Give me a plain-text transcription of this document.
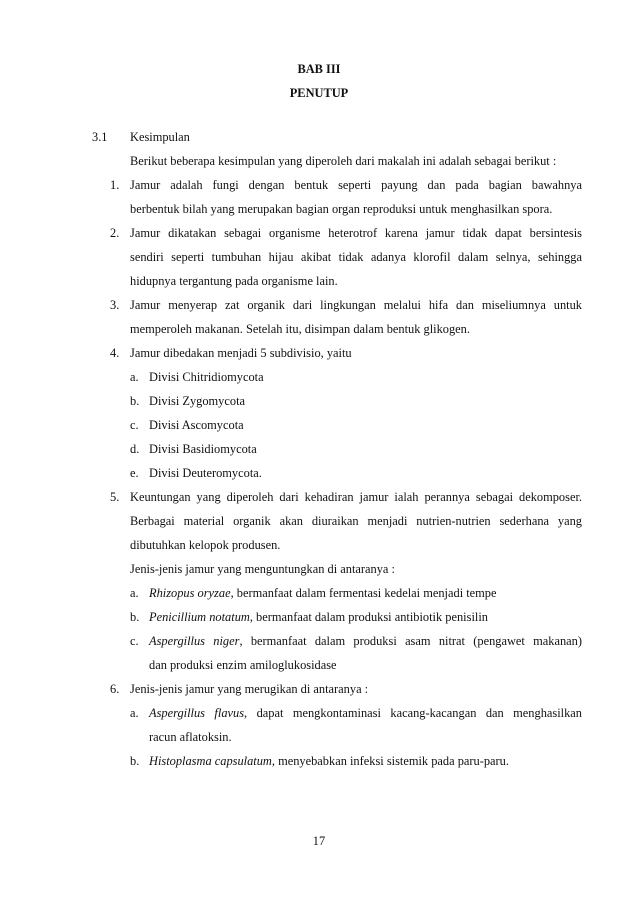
BAB III
PENUTUP
3.1 Kesimpulan
Berikut beberapa kesimpulan yang diperoleh dari makalah ini adalah sebagai berikut :
1. Jamur adalah fungi dengan bentuk seperti payung dan pada bagian bawahnya
berbentuk bilah yang merupakan bagian organ reproduksi untuk menghasilkan spora.
2. Jamur dikatakan sebagai organisme heterotrof karena jamur tidak dapat bersintesis
sendiri seperti tumbuhan hijau akibat tidak adanya klorofil dalam selnya, sehingga
hidupnya tergantung pada organisme lain.
3. Jamur menyerap zat organik dari lingkungan melalui hifa dan miseliumnya untuk
memperoleh makanan. Setelah itu, disimpan dalam bentuk glikogen.
4. Jamur dibedakan menjadi 5 subdivisio, yaitu
a. Divisi Chitridiomycota
b. Divisi Zygomycota
c. Divisi Ascomycota
d. Divisi Basidiomycota
e. Divisi Deuteromycota.
5. Keuntungan yang diperoleh dari kehadiran jamur ialah perannya sebagai dekomposer.
Berbagai material organik akan diuraikan menjadi nutrien-nutrien sederhana yang
dibutuhkan kelopok produsen.
Jenis-jenis jamur yang menguntungkan di antaranya :
a. Rhizopus oryzae, bermanfaat dalam fermentasi kedelai menjadi tempe
b. Penicillium notatum, bermanfaat dalam produksi antibiotik penisilin
c. Aspergillus niger, bermanfaat dalam produksi asam nitrat (pengawet makanan)
dan produksi enzim amiloglukosidase
6. Jenis-jenis jamur yang merugikan di antaranya :
a. Aspergillus flavus, dapat mengkontaminasi kacang-kacangan dan menghasilkan
racun aflatoksin.
b. Histoplasma capsulatum, menyebabkan infeksi sistemik pada paru-paru.
17
